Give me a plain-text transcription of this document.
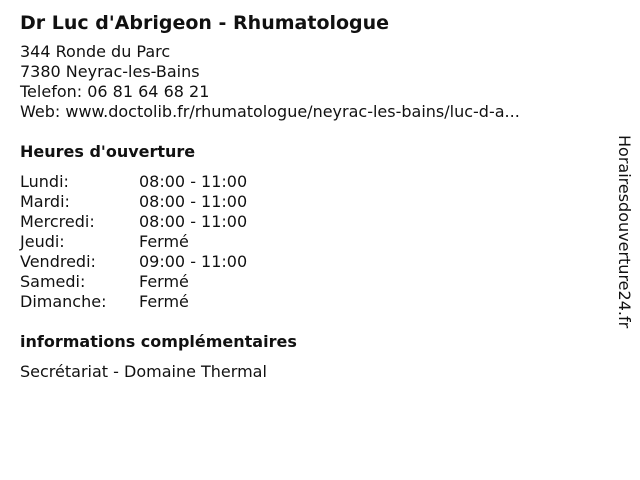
Dr Luc d'Abrigeon - Rhumatologue
344 Ronde du Parc
7380 Neyrac-les-Bains
Telefon: 06 81 64 68 21
Web: www.doctolib.fr/rhumatologue/neyrac-les-bains/luc-d-a...
Heures d'ouverture
Lundi:	08:00 - 11:00
Mardi:	08:00 - 11:00
Mercredi:	08:00 - 11:00
Jeudi:	Fermé
Vendredi:	09:00 - 11:00
Samedi:	Fermé
Dimanche:	Fermé
informations complémentaires
Secrétariat - Domaine Thermal
Horairesdouverture24.fr
